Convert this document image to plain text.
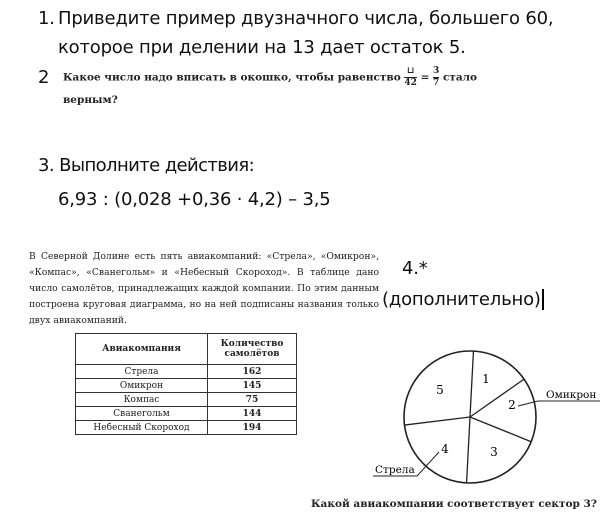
1. Приведите пример двузначного числа, большего 60,
которое при делении на 13 дает остаток 5.
2 Какое число надо вписать в окошко, чтобы равенство $\frac{⊔}{42} = \frac{3}{7}$ стало
верным?
3. Выполните действия:
6,93 : (0,028 +0,36 · 4,2) – 3,5
В Северной Долине есть пять авиакомпаний: «Стрела», «Омикрон», «Компас», «Сванегольм» и «Небесный Скороход». В таблице дано число самолётов, принадлежащих каждой компании. По этим данным построена круговая диаграмма, но на ней подписаны названия только двух авиакомпаний.
4.*
(дополнительно)
Авиакомпания	Количество самолётов
Стрела	162
Омикрон	145
Компас	75
Сванегольм	144
Небесный Скороход	194
1
2
3
4
5	Омикрон
Стрела
Какой авиакомпании соответствует сектор 3?
